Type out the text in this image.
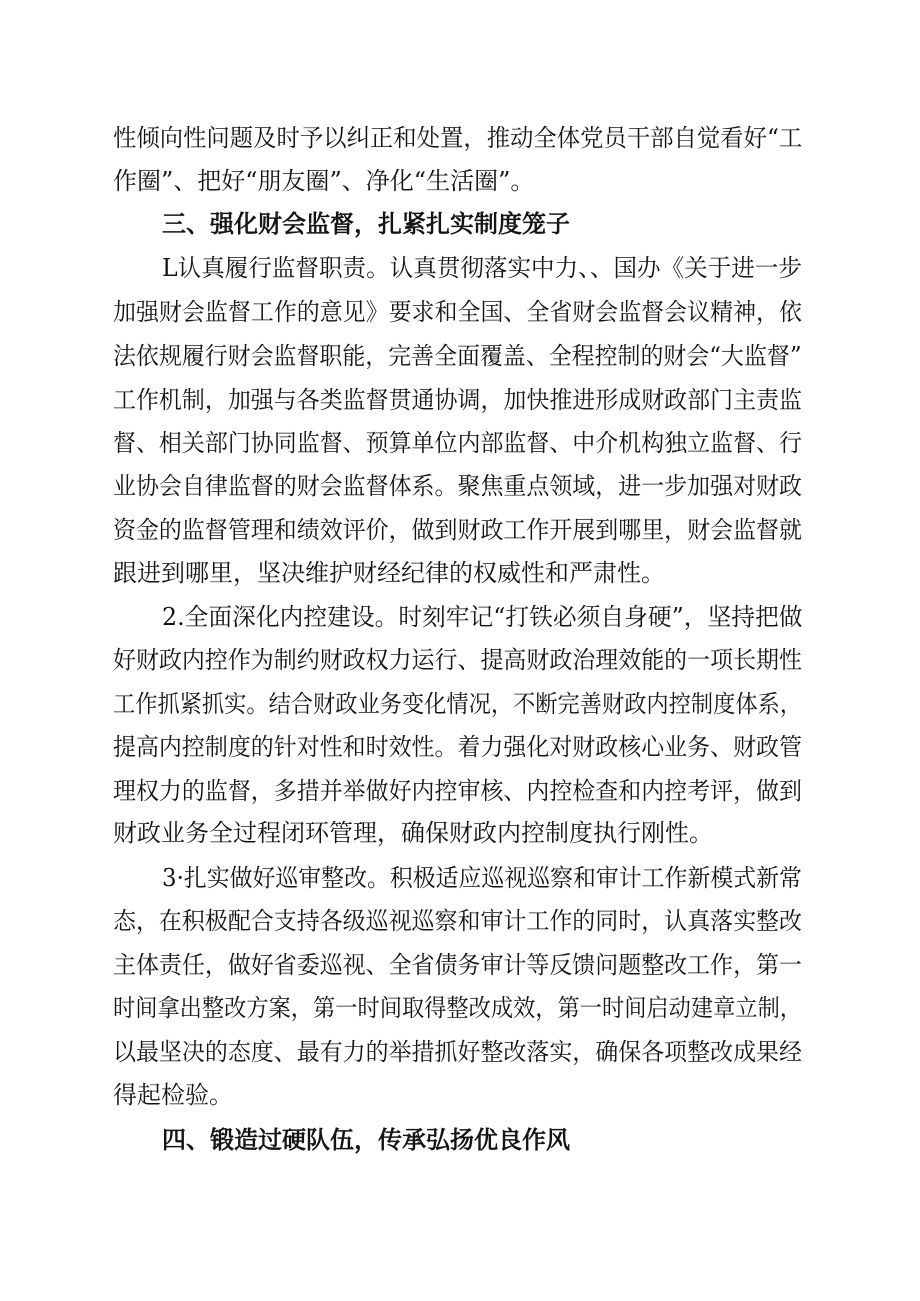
性倾向性问题及时予以纠正和处置，推动全体党员干部自觉看好“工

作圈”、把好“朋友圈”、净化“生活圈”。

三、强化财会监督，扎紧扎实制度笼子

L认真履行监督职责。认真贯彻落实中力、、国办《关于进一步

加强财会监督工作的意见》要求和全国、全省财会监督会议精神，依

法依规履行财会监督职能，完善全面覆盖、全程控制的财会“大监督”

工作机制，加强与各类监督贯通协调，加快推进形成财政部门主责监

督、相关部门协同监督、预算单位内部监督、中介机构独立监督、行

业协会自律监督的财会监督体系。聚焦重点领域，进一步加强对财政

资金的监督管理和绩效评价，做到财政工作开展到哪里，财会监督就

跟进到哪里，坚决维护财经纪律的权威性和严肃性。

2.全面深化内控建设。时刻牢记“打铁必须自身硬”，坚持把做

好财政内控作为制约财政权力运行、提高财政治理效能的一项长期性

工作抓紧抓实。结合财政业务变化情况，不断完善财政内控制度体系，

提高内控制度的针对性和时效性。着力强化对财政核心业务、财政管

理权力的监督，多措并举做好内控审核、内控检查和内控考评，做到

财政业务全过程闭环管理，确保财政内控制度执行刚性。

3·扎实做好巡审整改。积极适应巡视巡察和审计工作新模式新常

态，在积极配合支持各级巡视巡察和审计工作的同时，认真落实整改

主体责任，做好省委巡视、全省债务审计等反馈问题整改工作，第一

时间拿出整改方案，第一时间取得整改成效，第一时间启动建章立制，

以最坚决的态度、最有力的举措抓好整改落实，确保各项整改成果经

得起检验。

四、锻造过硬队伍，传承弘扬优良作风
